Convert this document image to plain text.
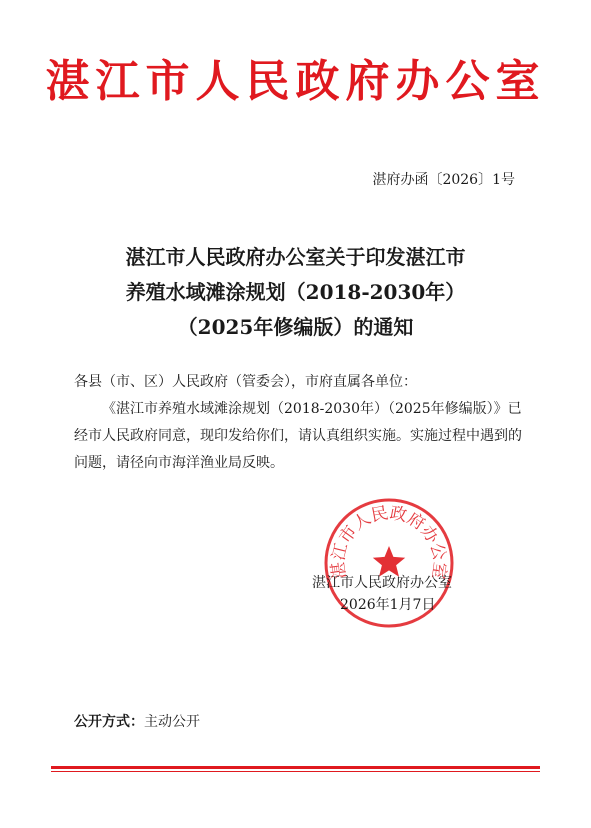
湛江市人民政府办公室
湛府办函〔2026〕1号
湛江市人民政府办公室关于印发湛江市
养殖水域滩涂规划（2018-2030年）
（2025年修编版）的通知

各县（市、区）人民政府（管委会），市府直属各单位：

《湛江市养殖水域滩涂规划（2018-2030年）（2025年修编版）》已经市人民政府同意，现印发给你们，请认真组织实施。实施过程中遇到的问题，请径向市海洋渔业局反映。

湛江市人民政府办公室
湛江市人民政府办公室
2026年1月7日
公开方式：主动公开
